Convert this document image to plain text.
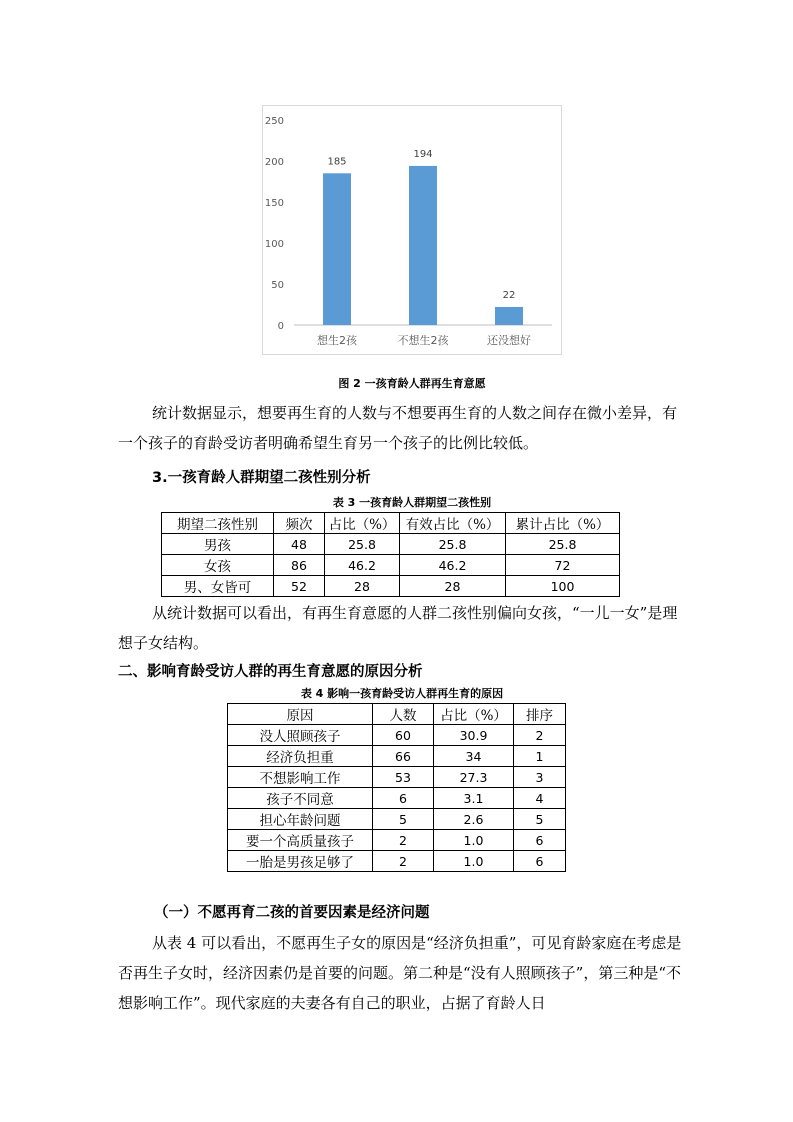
0
50
100
150
200
250
185
想生2孩
194
不想生2孩
22
还没想好
图 2 一孩育龄人群再生育意愿
统计数据显示，想要再生育的人数与不想要再生育的人数之间存在微小差异，有一个孩子的育龄受访者明确希望生育另一个孩子的比例比较低。
3.一孩育龄人群期望二孩性别分析
表 3 一孩育龄人群期望二孩性别
期望二孩性别	频次	占比（%）	有效占比（%）	累计占比（%）
男孩	48	25.8	25.8	25.8
女孩	86	46.2	46.2	72
男、女皆可	52	28	28	100
从统计数据可以看出，有再生育意愿的人群二孩性别偏向女孩，“一儿一女”是理想子女结构。
二、影响育龄受访人群的再生育意愿的原因分析
表 4 影响一孩育龄受访人群再生育的原因
原因	人数	占比（%）	排序
没人照顾孩子	60	30.9	2
经济负担重	66	34	1
不想影响工作	53	27.3	3
孩子不同意	6	3.1	4
担心年龄问题	5	2.6	5
要一个高质量孩子	2	1.0	6
一胎是男孩足够了	2	1.0	6
（一）不愿再育二孩的首要因素是经济问题
从表 4 可以看出，不愿再生子女的原因是“经济负担重”，可见育龄家庭在考虑是否再生子女时，经济因素仍是首要的问题。第二种是“没有人照顾孩子”，第三种是“不想影响工作”。现代家庭的夫妻各有自己的职业，占据了育龄人日
